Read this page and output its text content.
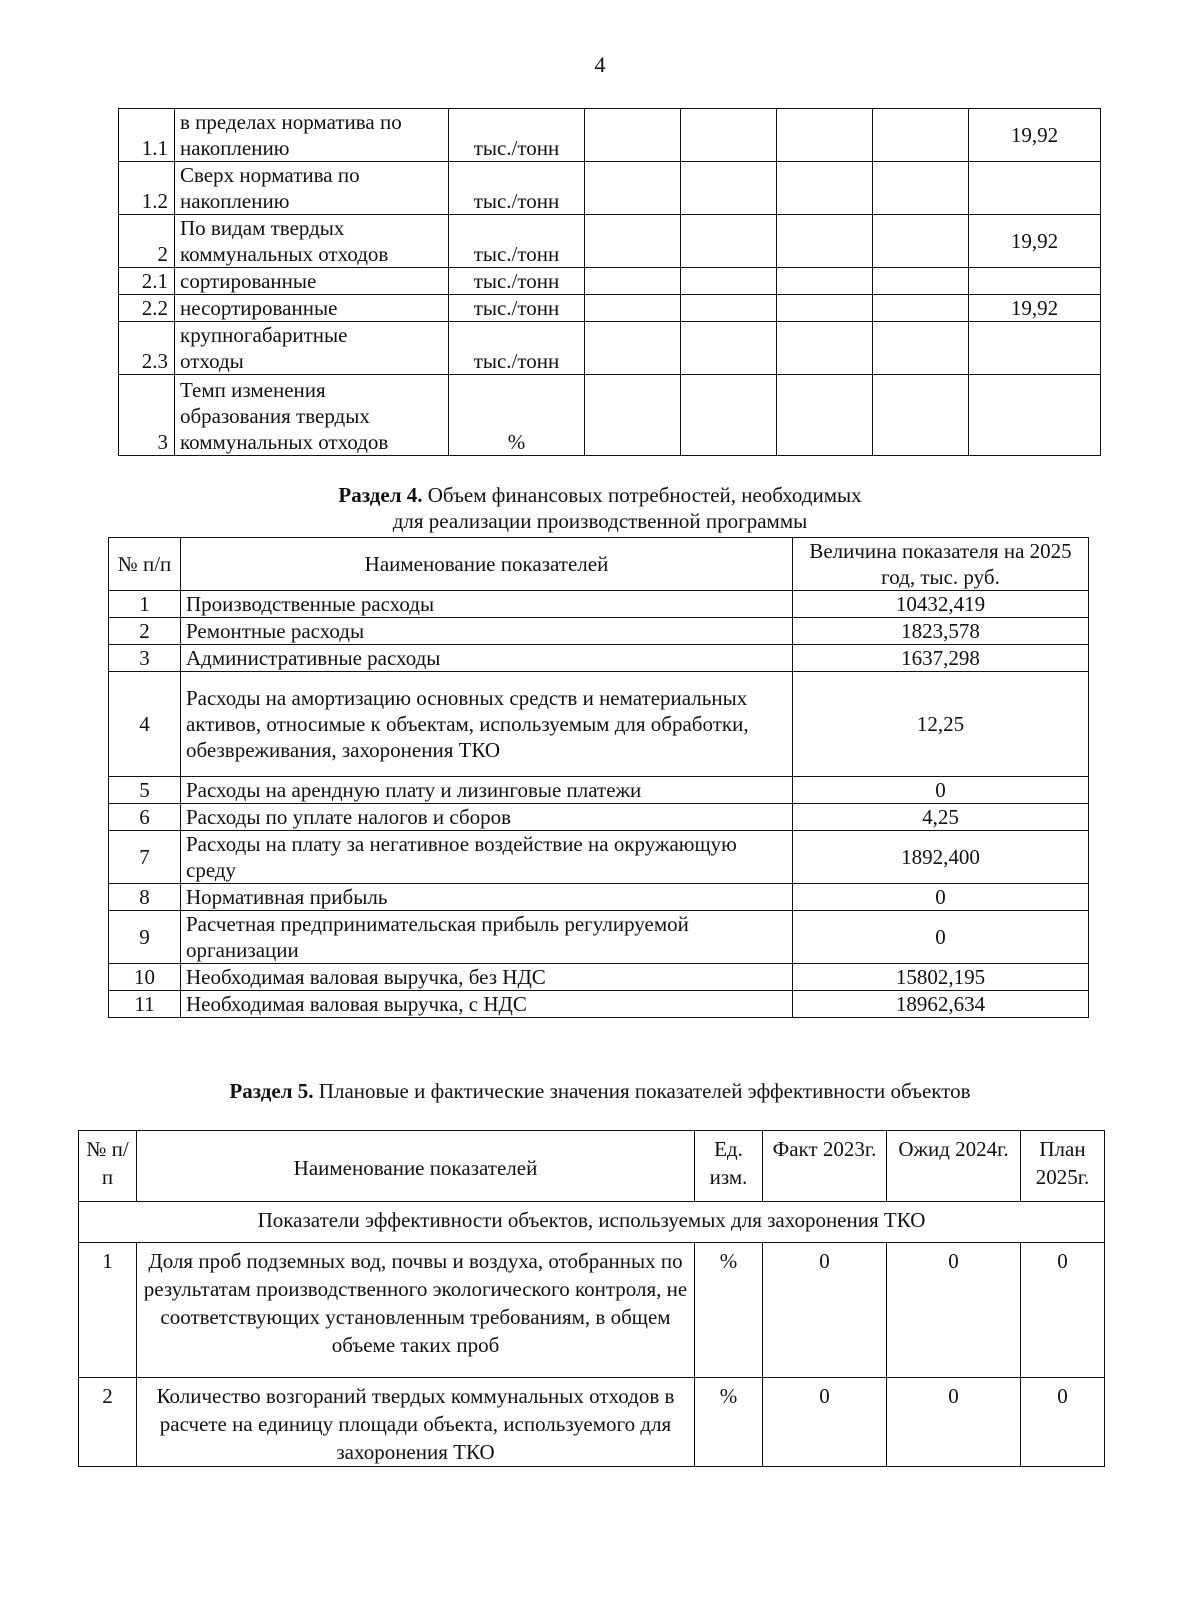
4
1.1	в пределах норматива по
накоплению	тыс./тонн					19,92
1.2	Сверх норматива по
накоплению	тыс./тонн					
2	По видам твердых
коммунальных отходов	тыс./тонн					19,92
2.1	сортированные	тыс./тонн					
2.2	несортированные	тыс./тонн					19,92
2.3	крупногабаритные
отходы	тыс./тонн					
3	Темп изменения
образования твердых
коммунальных отходов	%					
Раздел 4. Объем финансовых потребностей, необходимых
для реализации производственной программы
№ п/п	Наименование показателей	Величина показателя на 2025 год, тыс. руб.
1	Производственные расходы	10432,419
2	Ремонтные расходы	1823,578
3	Административные расходы	1637,298
4	Расходы на амортизацию основных средств и нематериальных активов, относимые к объектам, используемым для обработки, обезвреживания, захоронения ТКО	12,25
5	Расходы на арендную плату и лизинговые платежи	0
6	Расходы по уплате налогов и сборов	4,25
7	Расходы на плату за негативное воздействие на окружающую среду	1892,400
8	Нормативная прибыль	0
9	Расчетная предпринимательская прибыль регулируемой организации	0
10	Необходимая валовая выручка, без НДС	15802,195
11	Необходимая валовая выручка, с НДС	18962,634
Раздел 5. Плановые и фактические значения показателей эффективности объектов
№ п/п	Наименование показателей	Ед. изм.	Факт 2023г.	Ожид 2024г.	План 2025г.
Показатели эффективности объектов, используемых для захоронения ТКО					
1	Доля проб подземных вод, почвы и воздуха, отобранных по результатам производственного экологического контроля, не соответствующих установленным требованиям, в общем объеме таких проб	%	0	0	0
2	Количество возгораний твердых коммунальных отходов в расчете на единицу площади объекта, используемого для захоронения ТКО	%	0	0	0
